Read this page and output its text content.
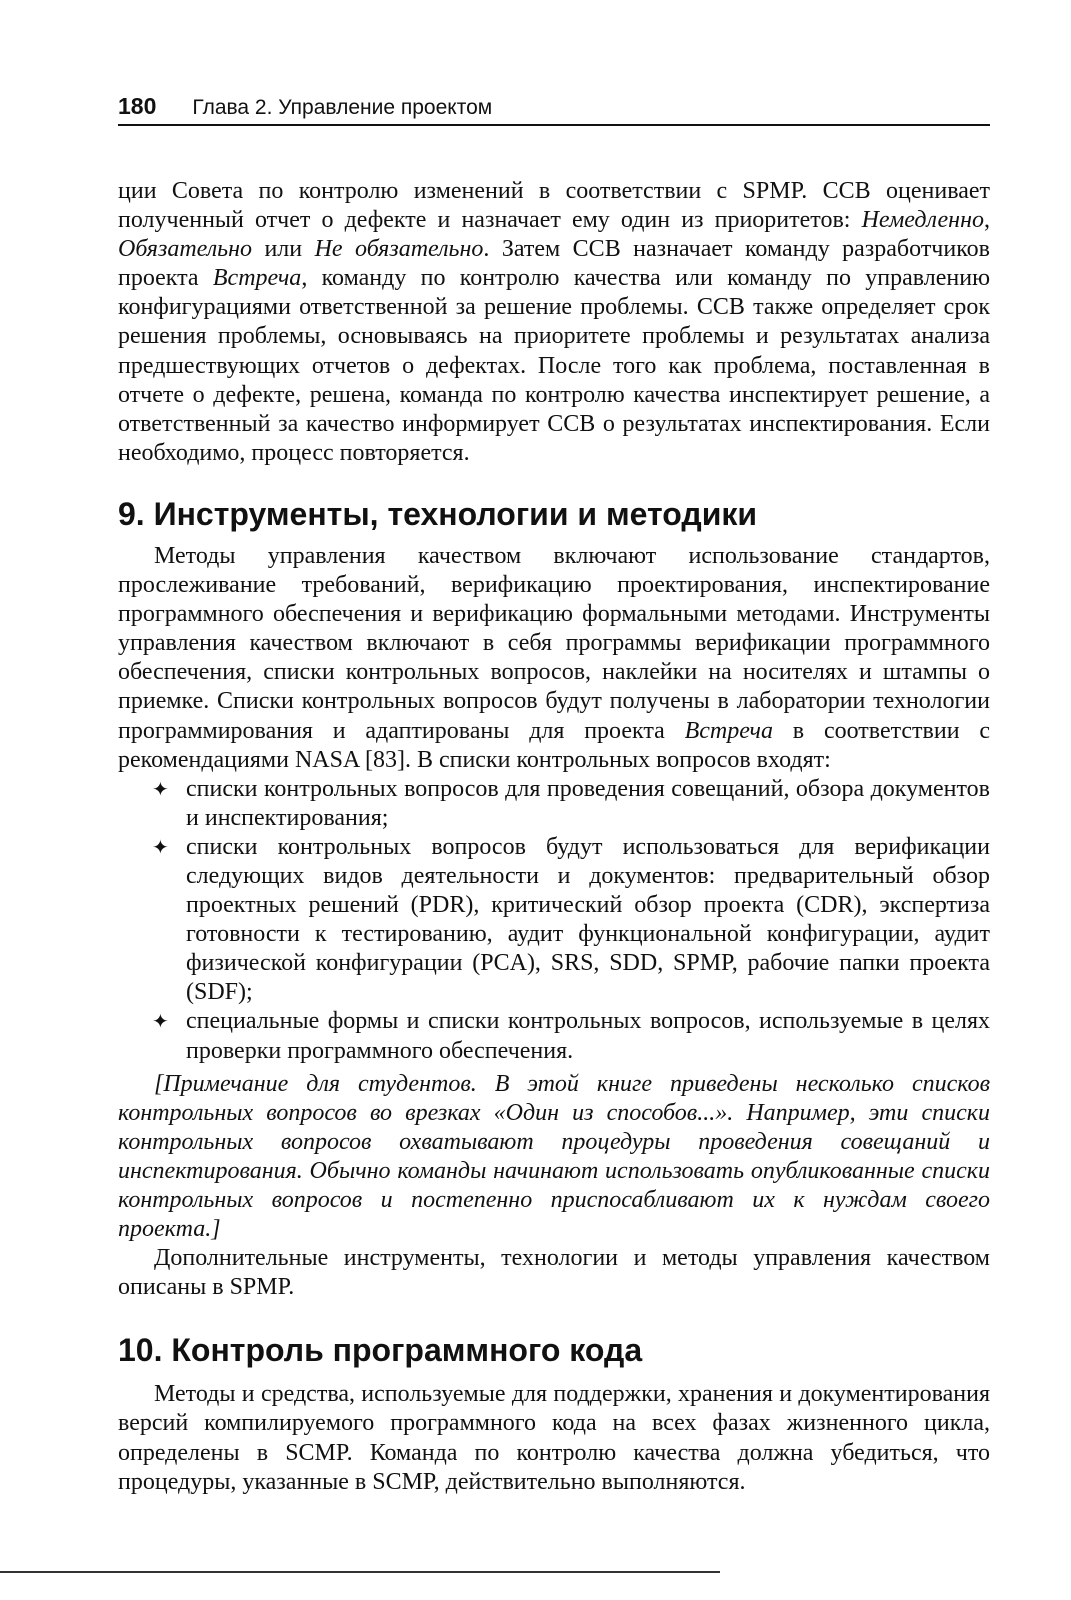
180 Глава 2. Управление проектом

ции Совета по контролю изменений в соответствии с SPMP. CCB оценивает полученный отчет о дефекте и назначает ему один из приоритетов: Немедленно, Обязательно или Не обязательно. Затем CCB назначает команду разработчиков проекта Встреча, команду по контролю качества или команду по управлению конфигурациями ответственной за решение проблемы. CCB также определяет срок решения проблемы, основываясь на приоритете проблемы и результатах анализа предшествующих отчетов о дефектах. После того как проблема, поставленная в отчете о дефекте, решена, команда по контролю качества инспектирует решение, а ответственный за качество информирует CCB о результатах инспектирования. Если необходимо, процесс повторяется.

9. Инструменты, технологии и методики

Методы управления качеством включают использование стандартов, прослеживание требований, верификацию проектирования, инспектирование программного обеспечения и верификацию формальными методами. Инструменты управления качеством включают в себя программы верификации программного обеспечения, списки контрольных вопросов, наклейки на носителях и штампы о приемке. Списки контрольных вопросов будут получены в лаборатории технологии программирования и адаптированы для проекта Встреча в соответствии с рекомендациями NASA [83]. В списки контрольных вопросов входят:

✦ списки контрольных вопросов для проведения совещаний, обзора документов и инспектирования;
✦ списки контрольных вопросов будут использоваться для верификации следующих видов деятельности и документов: предварительный обзор проектных решений (PDR), критический обзор проекта (CDR), экспертиза готовности к тестированию, аудит функциональной конфигурации, аудит физической конфигурации (PCA), SRS, SDD, SPMP, рабочие папки проекта (SDF);
✦ специальные формы и списки контрольных вопросов, используемые в целях проверки программного обеспечения.

[Примечание для студентов. В этой книге приведены несколько списков контрольных вопросов во врезках «Один из способов...». Например, эти списки контрольных вопросов охватывают процедуры проведения совещаний и инспектирования. Обычно команды начинают использовать опубликованные списки контрольных вопросов и постепенно приспосабливают их к нуждам своего проекта.]

Дополнительные инструменты, технологии и методы управления качеством описаны в SPMP.

10. Контроль программного кода

Методы и средства, используемые для поддержки, хранения и документирования версий компилируемого программного кода на всех фазах жизненного цикла, определены в SCMP. Команда по контролю качества должна убедиться, что процедуры, указанные в SCMP, действительно выполняются.
